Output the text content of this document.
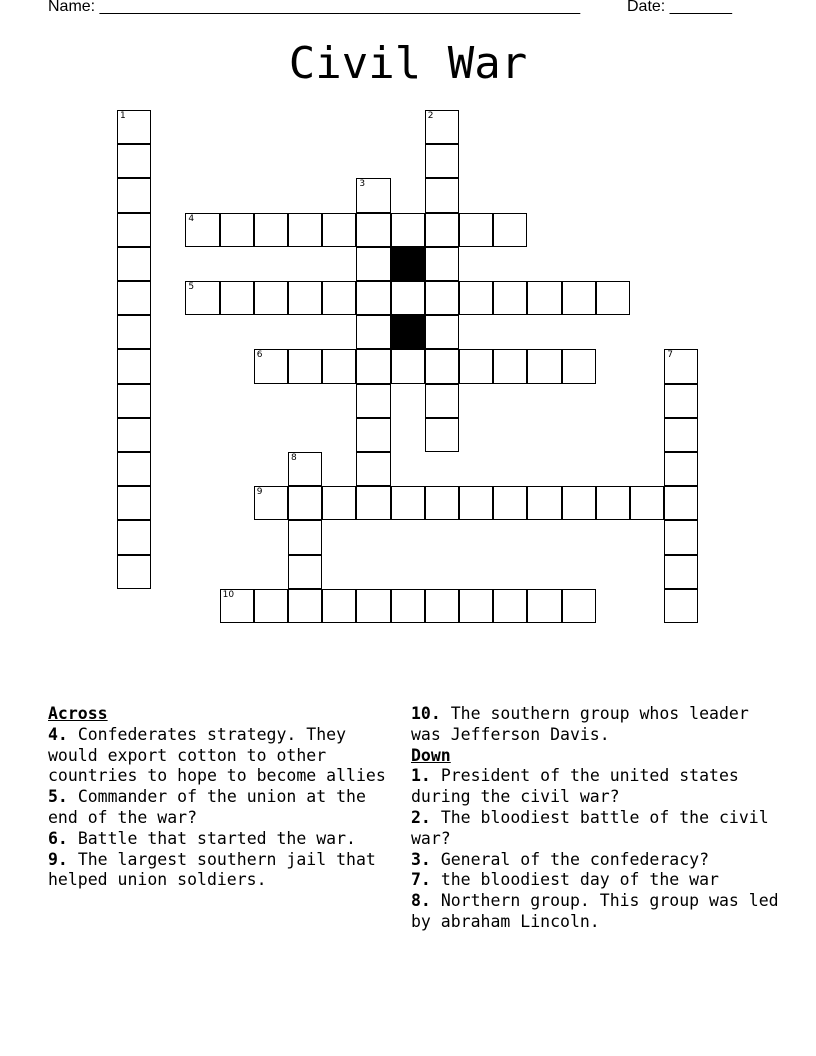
Name: ______________________________________________________	Date: _______
Civil War
1	2
3
4
5
6	7
8
9
10
Across
4. Confederates strategy. They would export cotton to other countries to hope to become allies
5. Commander of the union at the end of the war?
6. Battle that started the war.
9. The largest southern jail that helped union soldiers.
10. The southern group whos leader was Jefferson Davis.
Down
1. President of the united states during the civil war?
2. The bloodiest battle of the civil war?
3. General of the confederacy?
7. the bloodiest day of the war
8. Northern group. This group was led by abraham Lincoln.
